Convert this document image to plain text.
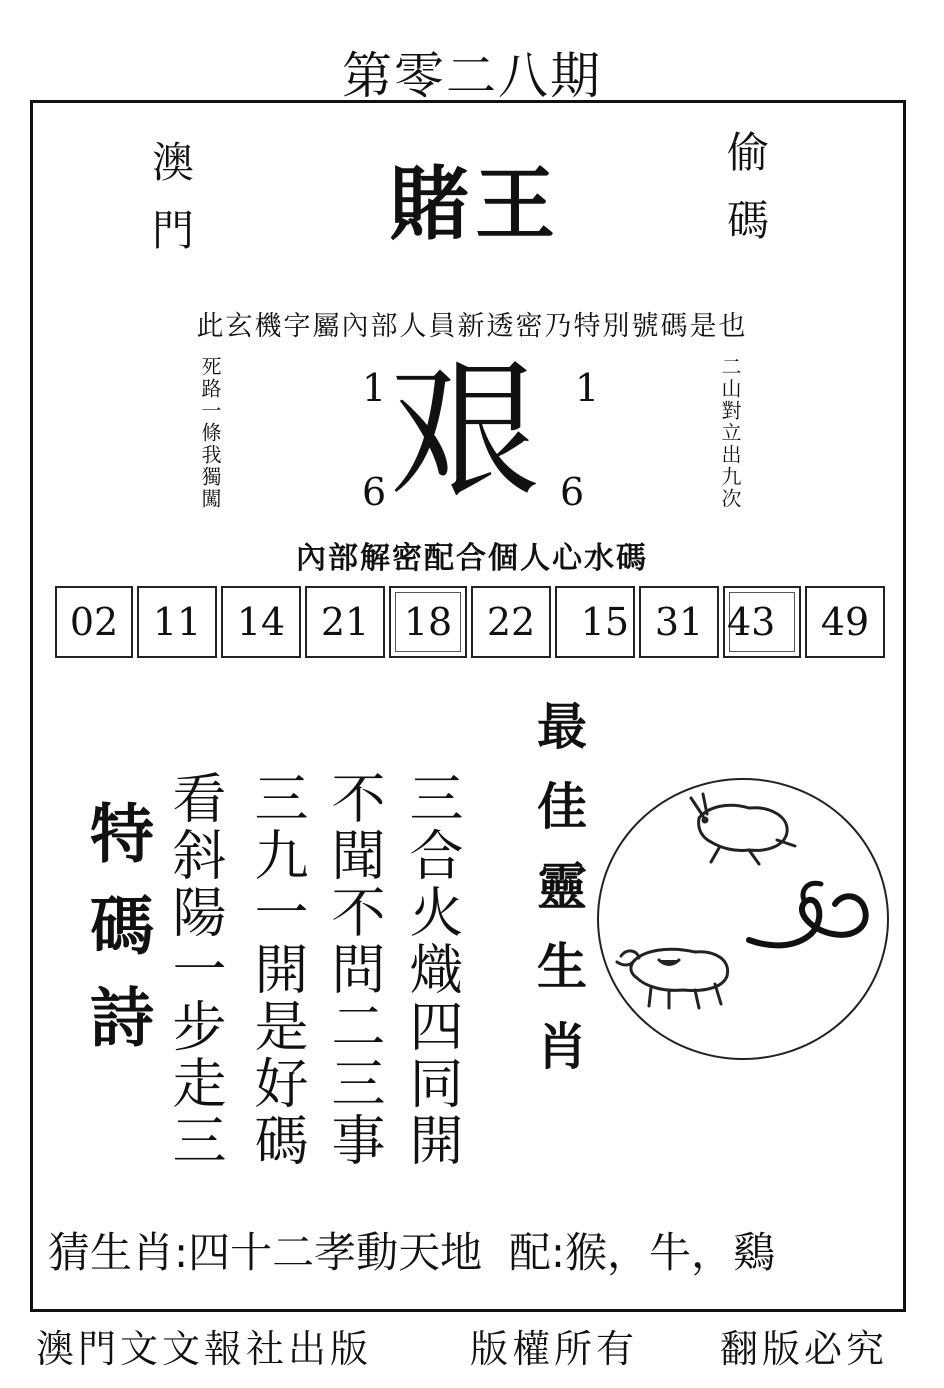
第零二八期
澳門	賭王	偷碼
此玄機字屬內部人員新透密乃特別號碼是也
死路一條我獨闖	二山對立出九次
1	1
6	6
艰
內部解密配合個人心水碼
02 11 14 21 18 22	15 31 43	49
特碼詩	三合火熾四同開
不聞不問二三事
三九一開是好碼
看斜陽一步走三	最佳靈生肖
猜生肖:四十二孝動天地 配:猴，牛，鷄
澳門文文報社出版	版權所有 翻版必究
